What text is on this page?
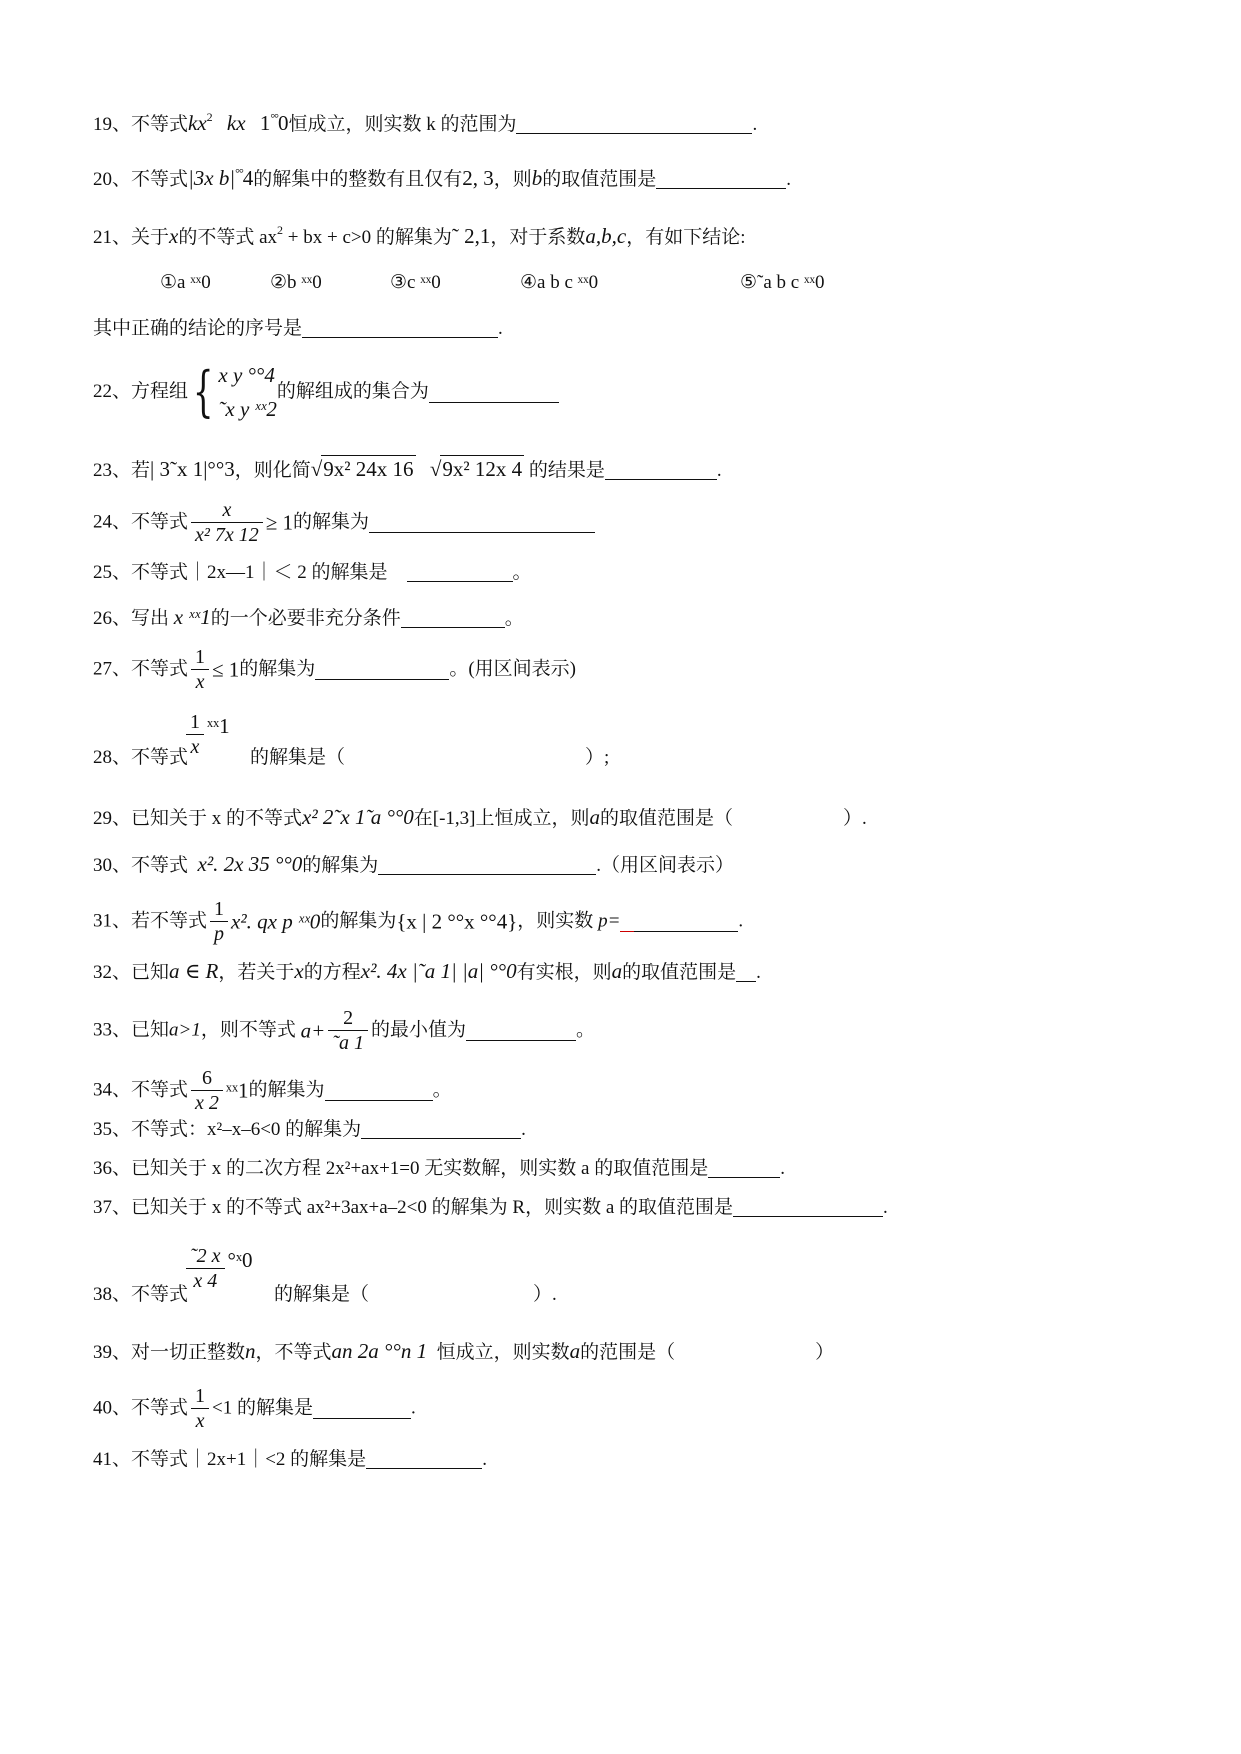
19、不等式$kx^2$ kx 1°°0恒成立，则实数 k 的范围为	.
20、不等式|3x b|°°4的解集中的整数有且仅有2, 3，则b的取值范围是	.
21、关于x的不等式 $ax^2$ + bx + c>0 的解集为˜ 2,1，对于系数a,b,c，有如下结论:
①a ˣˣ0	②b ˣˣ0	③c ˣˣ0	④a b c ˣˣ0	⑤˜a b c ˣˣ0
其中正确的结论的序号是	.
22、方程组{ x y °°4
˜x y ˣˣ2
的解组成的集合为
23、若| 3˜x 1|°°3，则化简√9x² 24x 16 √9x² 12x 4 的结果是	.
24、不等式 $\frac{x}{\text{x² 7x 12}} \ge 1$的解集为
25、不等式｜2x—1｜＜ 2 的解集是	。
26、写出 x ˣˣ1的一个必要非充分条件	。
27、不等式 $\frac{1}{x} \le 1$的解集为	。(用区间表示)
$\frac{1}{x}$ ˣˣ1
28、不等式	的解集是（	）;
29、已知关于 x 的不等式x² 2˜x 1̃ a °°0在[-1,3]上恒成立，则a的取值范围是（	）.
30、不等式 x². 2x 35 °°0的解集为	.（用区间表示）
31、若不等式 $\frac{1}{p} x^2$. qx p ˣˣ0的解集为{x | 2 °°x °°4}，则实数 p=	.
32、已知a ∈ R，若关于x的方程x². 4x |˜a 1| |a| °°0有实根，则a的取值范围是 .
33、已知a>1，则不等式 $a+ \frac{2}{˜a 1}$ 的最小值为	。
34、不等式 $\frac{6}{x 2}$ ˣˣ1的解集为	。
35、不等式：x²–x–6<0 的解集为	.
36、已知关于 x 的二次方程 2x²+ax+1=0 无实数解，则实数 a 的取值范围是	.
37、已知关于 x 的不等式 ax²+3ax+a–2<0 的解集为 R，则实数 a 的取值范围是	.
$\frac{˜2 x}{x 4}$ °ˣ0
38、不等式	的解集是（	）.
39、对一切正整数n，不等式an 2a °°n 1 恒成立，则实数a的范围是（	）
40、不等式 $\frac{1}{x} <1$ 的解集是	.
41、不等式｜2x+1｜<2 的解集是	.
